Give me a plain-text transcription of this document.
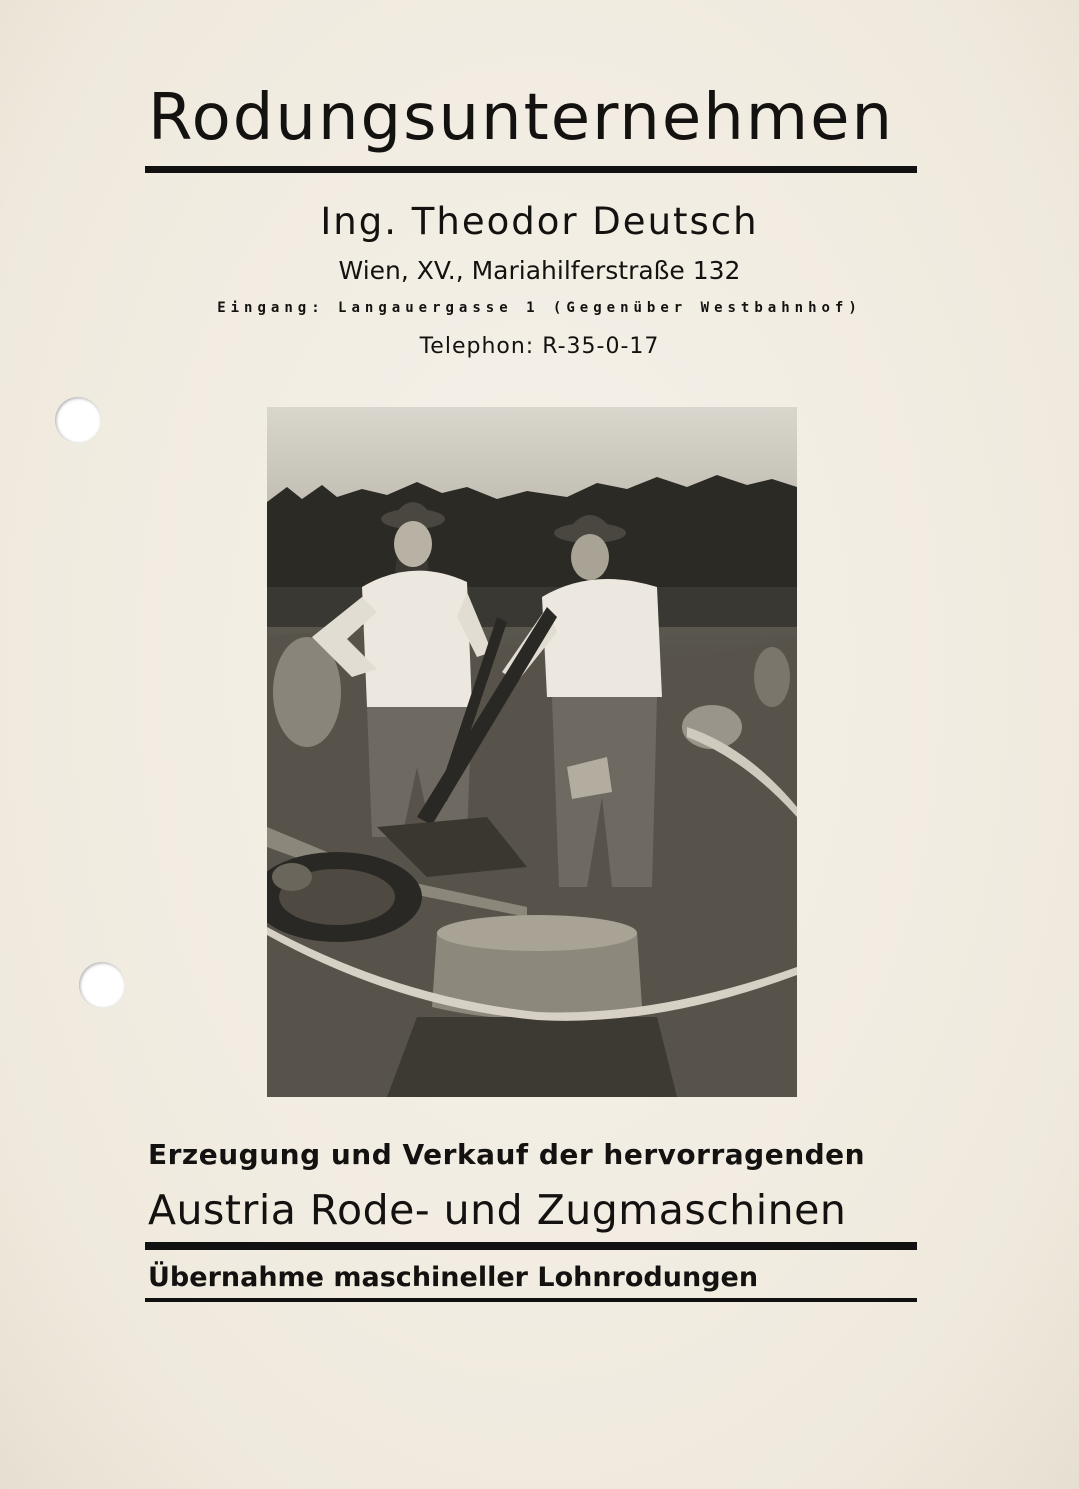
Rodungsunternehmen
Ing. Theodor Deutsch
Wien, XV., Mariahilferstraße 132
Eingang: Langauergasse 1 (Gegenüber Westbahnhof)
Telephon: R-35-0-17
Erzeugung und Verkauf der hervorragenden
Austria Rode- und Zugmaschinen
Übernahme maschineller Lohnrodungen
